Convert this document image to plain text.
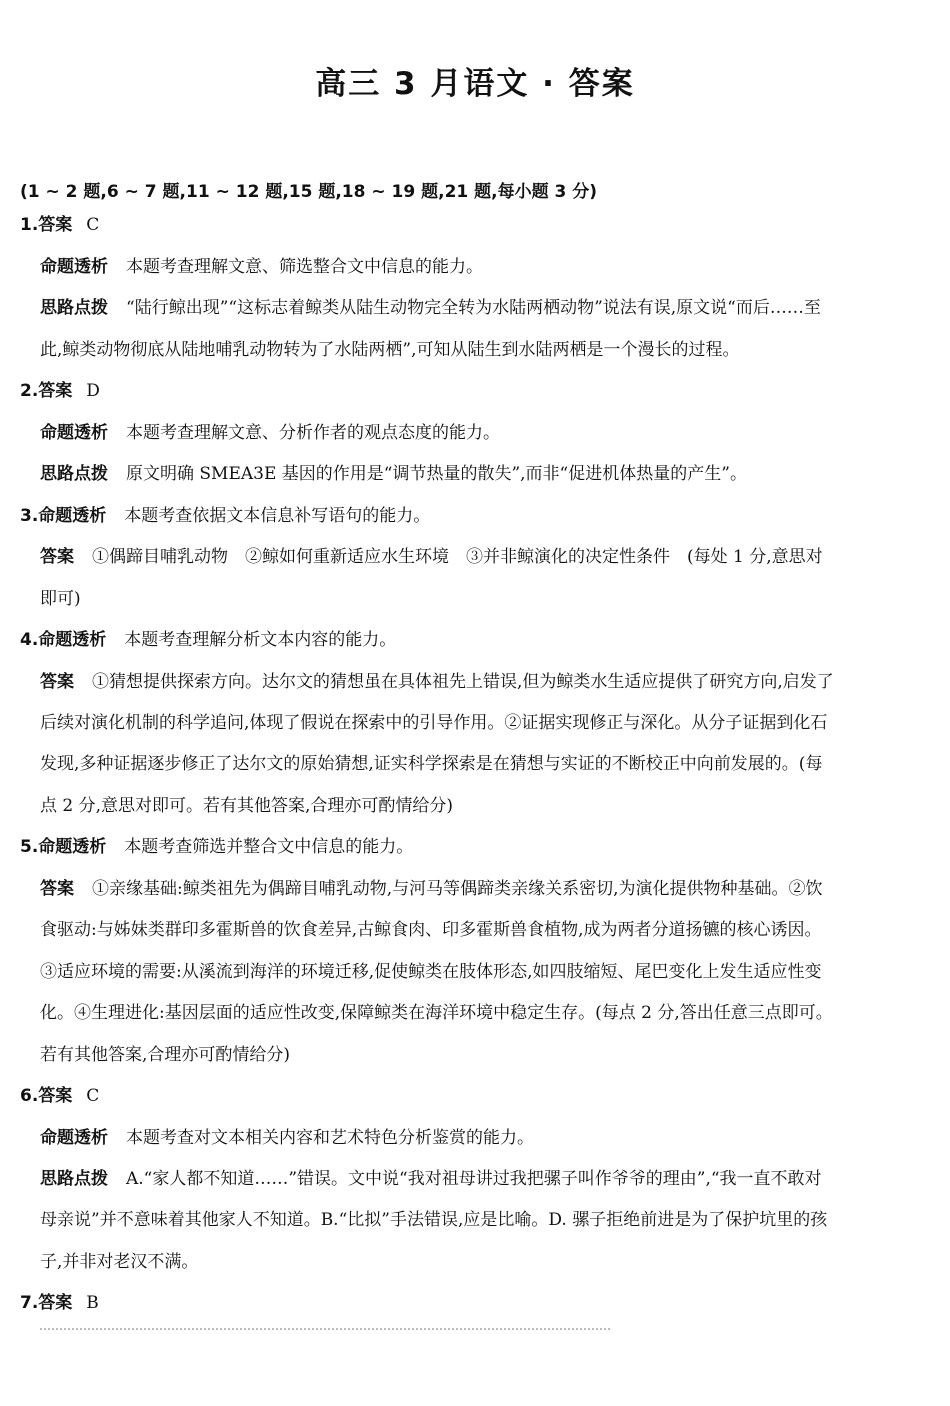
高三 3 月语文 · 答案
(1 ~ 2 题,6 ~ 7 题,11 ~ 12 题,15 题,18 ~ 19 题,21 题,每小题 3 分)
1.答案 C
命题透析 本题考查理解文意、筛选整合文中信息的能力。
思路点拨 “陆行鲸出现”“这标志着鲸类从陆生动物完全转为水陆两栖动物”说法有误,原文说“而后……至
此,鲸类动物彻底从陆地哺乳动物转为了水陆两栖”,可知从陆生到水陆两栖是一个漫长的过程。
2.答案 D
命题透析 本题考查理解文意、分析作者的观点态度的能力。
思路点拨 原文明确 SMEA3E 基因的作用是“调节热量的散失”,而非“促进机体热量的产生”。
3.命题透析 本题考查依据文本信息补写语句的能力。
答案 ①偶蹄目哺乳动物　②鲸如何重新适应水生环境　③并非鲸演化的决定性条件　(每处 1 分,意思对
即可)
4.命题透析 本题考查理解分析文本内容的能力。
答案 ①猜想提供探索方向。达尔文的猜想虽在具体祖先上错误,但为鲸类水生适应提供了研究方向,启发了
后续对演化机制的科学追问,体现了假说在探索中的引导作用。②证据实现修正与深化。从分子证据到化石
发现,多种证据逐步修正了达尔文的原始猜想,证实科学探索是在猜想与实证的不断校正中向前发展的。(每
点 2 分,意思对即可。若有其他答案,合理亦可酌情给分)
5.命题透析 本题考查筛选并整合文中信息的能力。
答案 ①亲缘基础:鲸类祖先为偶蹄目哺乳动物,与河马等偶蹄类亲缘关系密切,为演化提供物种基础。②饮
食驱动:与姊妹类群印多霍斯兽的饮食差异,古鲸食肉、印多霍斯兽食植物,成为两者分道扬镳的核心诱因。
③适应环境的需要:从溪流到海洋的环境迁移,促使鲸类在肢体形态,如四肢缩短、尾巴变化上发生适应性变
化。④生理进化:基因层面的适应性改变,保障鲸类在海洋环境中稳定生存。(每点 2 分,答出任意三点即可。
若有其他答案,合理亦可酌情给分)
6.答案 C
命题透析 本题考查对文本相关内容和艺术特色分析鉴赏的能力。
思路点拨 A.“家人都不知道……”错误。文中说“我对祖母讲过我把骡子叫作爷爷的理由”,“我一直不敢对
母亲说”并不意味着其他家人不知道。B.“比拟”手法错误,应是比喻。D. 骡子拒绝前进是为了保护坑里的孩
子,并非对老汉不满。
7.答案 B
